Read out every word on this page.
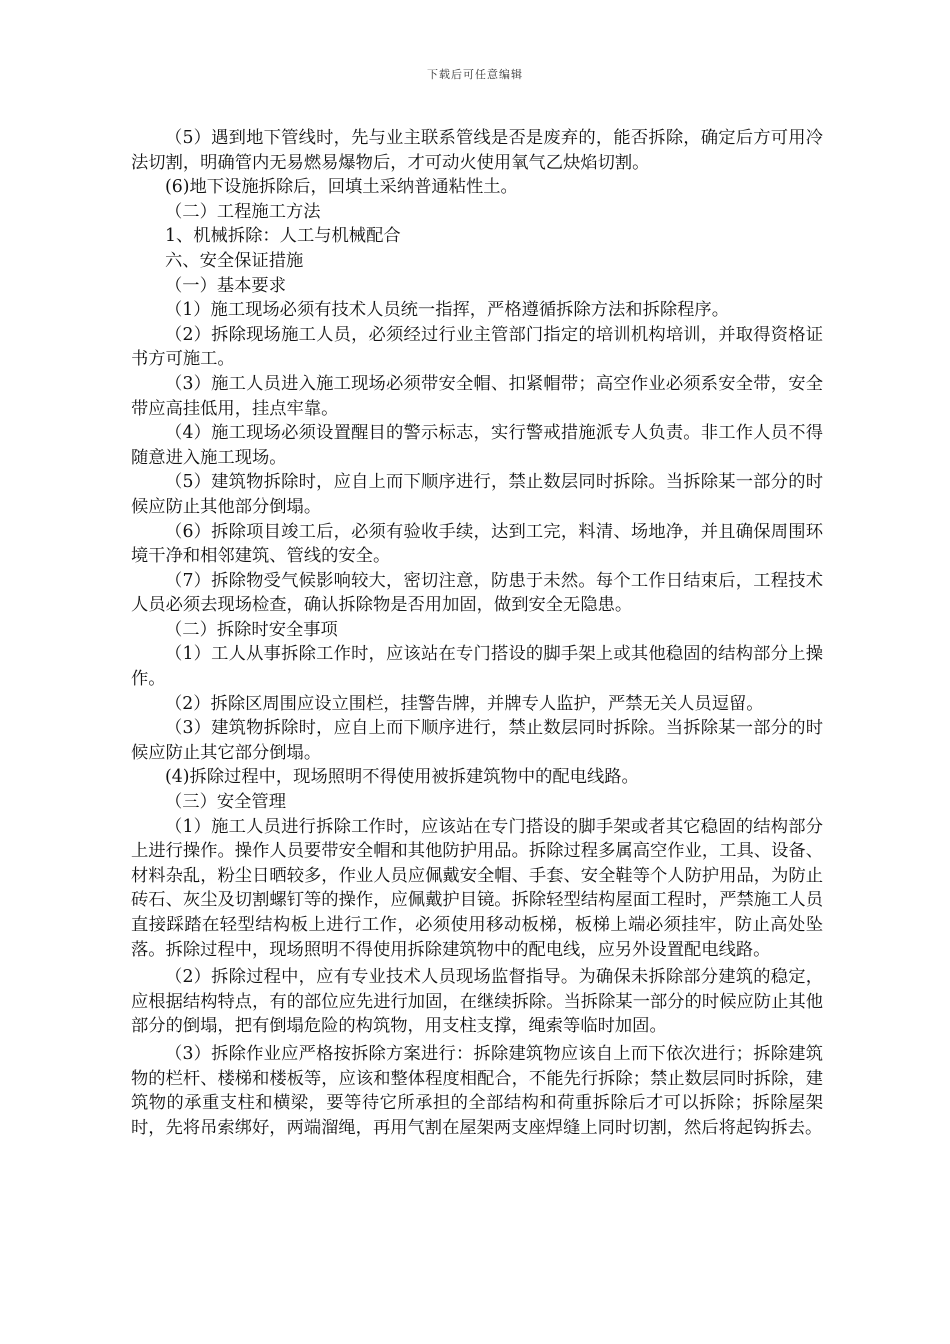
下载后可任意编辑

（5）遇到地下管线时，先与业主联系管线是否是废弃的，能否拆除，确定后方可用冷法切割，明确管内无易燃易爆物后，才可动火使用氧气乙炔焰切割。

(6)地下设施拆除后，回填土采纳普通粘性土。

（二）工程施工方法

1、机械拆除：人工与机械配合

六、安全保证措施

（一）基本要求

（1）施工现场必须有技术人员统一指挥，严格遵循拆除方法和拆除程序。

（2）拆除现场施工人员，必须经过行业主管部门指定的培训机构培训，并取得资格证书方可施工。

（3）施工人员进入施工现场必须带安全帽、扣紧帽带；高空作业必须系安全带，安全带应高挂低用，挂点牢靠。

（4）施工现场必须设置醒目的警示标志，实行警戒措施派专人负责。非工作人员不得随意进入施工现场。

（5）建筑物拆除时，应自上而下顺序进行，禁止数层同时拆除。当拆除某一部分的时候应防止其他部分倒塌。

（6）拆除项目竣工后，必须有验收手续，达到工完，料清、场地净，并且确保周围环境干净和相邻建筑、管线的安全。

（7）拆除物受气候影响较大，密切注意，防患于未然。每个工作日结束后，工程技术人员必须去现场检查，确认拆除物是否用加固，做到安全无隐患。

（二）拆除时安全事项

（1）工人从事拆除工作时，应该站在专门搭设的脚手架上或其他稳固的结构部分上操作。

（2）拆除区周围应设立围栏，挂警告牌，并牌专人监护，严禁无关人员逗留。

（3）建筑物拆除时，应自上而下顺序进行，禁止数层同时拆除。当拆除某一部分的时候应防止其它部分倒塌。

(4)拆除过程中，现场照明不得使用被拆建筑物中的配电线路。

（三）安全管理

（1）施工人员进行拆除工作时，应该站在专门搭设的脚手架或者其它稳固的结构部分上进行操作。操作人员要带安全帽和其他防护用品。拆除过程多属高空作业，工具、设备、材料杂乱，粉尘日晒较多，作业人员应佩戴安全帽、手套、安全鞋等个人防护用品，为防止砖石、灰尘及切割螺钉等的操作，应佩戴护目镜。拆除轻型结构屋面工程时，严禁施工人员直接踩踏在轻型结构板上进行工作，必须使用移动板梯，板梯上端必须挂牢，防止高处坠落。拆除过程中，现场照明不得使用拆除建筑物中的配电线，应另外设置配电线路。

（2）拆除过程中，应有专业技术人员现场监督指导。为确保未拆除部分建筑的稳定，应根据结构特点，有的部位应先进行加固，在继续拆除。当拆除某一部分的时候应防止其他部分的倒塌，把有倒塌危险的构筑物，用支柱支撑，绳索等临时加固。

（3）拆除作业应严格按拆除方案进行：拆除建筑物应该自上而下依次进行；拆除建筑物的栏杆、楼梯和楼板等，应该和整体程度相配合，不能先行拆除；禁止数层同时拆除，建筑物的承重支柱和横梁，要等待它所承担的全部结构和荷重拆除后才可以拆除；拆除屋架时，先将吊索绑好，两端溜绳，再用气割在屋架两支座焊缝上同时切割，然后将起钩拆去。
